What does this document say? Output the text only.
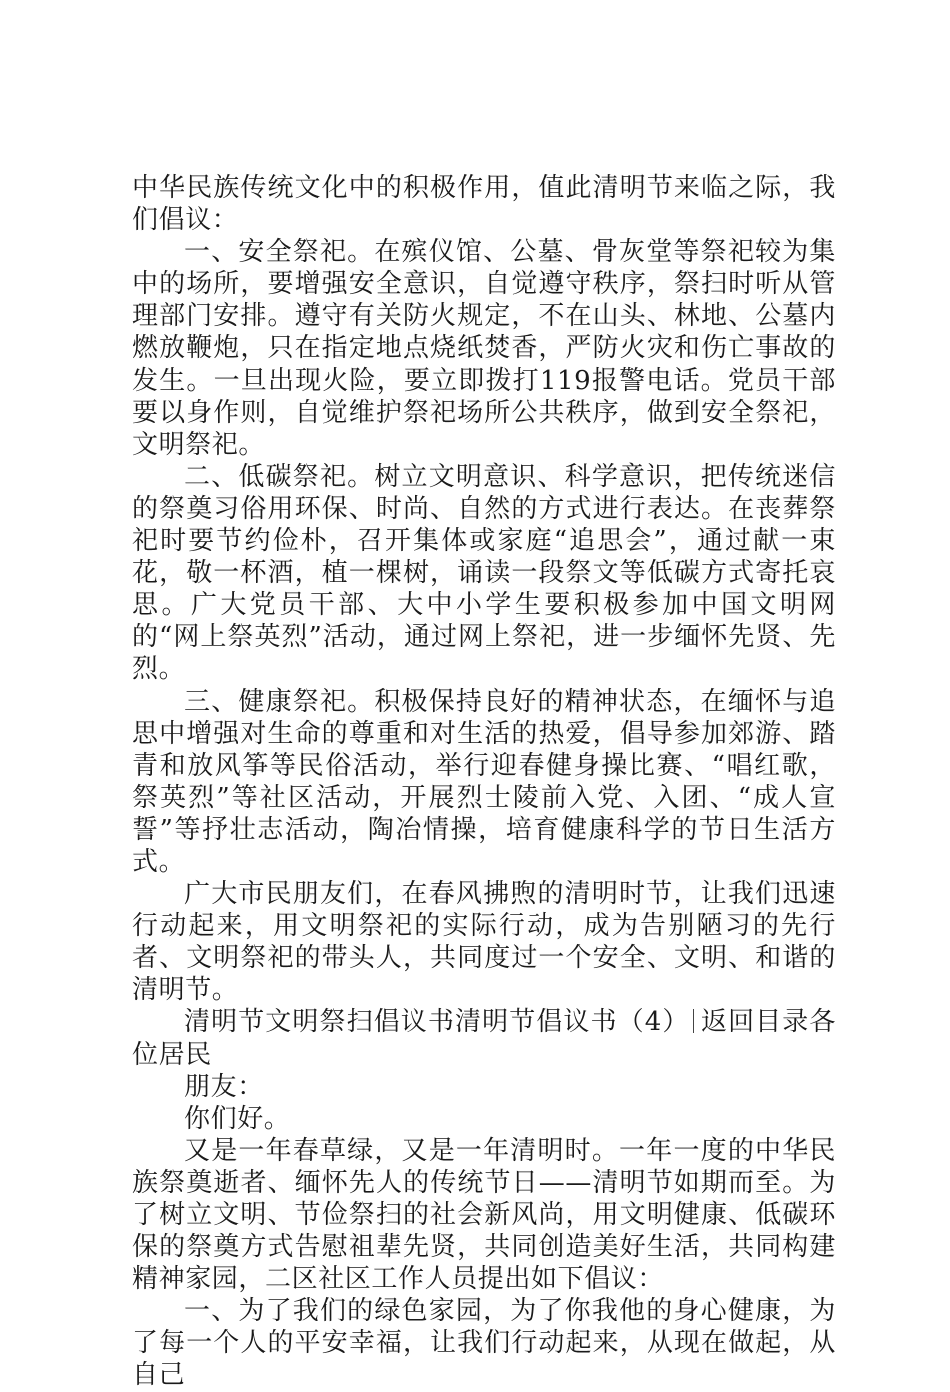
中华民族传统文化中的积极作用，值此清明节来临之际，我们倡议：

一、安全祭祀。在殡仪馆、公墓、骨灰堂等祭祀较为集中的场所，要增强安全意识，自觉遵守秩序，祭扫时听从管理部门安排。遵守有关防火规定，不在山头、林地、公墓内燃放鞭炮，只在指定地点烧纸焚香，严防火灾和伤亡事故的发生。一旦出现火险，要立即拨打119报警电话。党员干部要以身作则，自觉维护祭祀场所公共秩序，做到安全祭祀，文明祭祀。

二、低碳祭祀。树立文明意识、科学意识，把传统迷信的祭奠习俗用环保、时尚、自然的方式进行表达。在丧葬祭祀时要节约俭朴，召开集体或家庭“追思会”，通过献一束花，敬一杯酒，植一棵树，诵读一段祭文等低碳方式寄托哀思。广大党员干部、大中小学生要积极参加中国文明网的“网上祭英烈”活动，通过网上祭祀，进一步缅怀先贤、先烈。

三、健康祭祀。积极保持良好的精神状态，在缅怀与追思中增强对生命的尊重和对生活的热爱，倡导参加郊游、踏青和放风筝等民俗活动，举行迎春健身操比赛、“唱红歌，祭英烈”等社区活动，开展烈士陵前入党、入团、“成人宣誓”等抒壮志活动，陶冶情操，培育健康科学的节日生活方式。

广大市民朋友们，在春风拂煦的清明时节，让我们迅速行动起来，用文明祭祀的实际行动，成为告别陋习的先行者、文明祭祀的带头人，共同度过一个安全、文明、和谐的清明节。

清明节文明祭扫倡议书清明节倡议书（4） 返回目录各位居民

朋友：

你们好。

又是一年春草绿，又是一年清明时。一年一度的中华民族祭奠逝者、缅怀先人的传统节日——清明节如期而至。为了树立文明、节俭祭扫的社会新风尚，用文明健康、低碳环保的祭奠方式告慰祖辈先贤，共同创造美好生活，共同构建精神家园，二区社区工作人员提出如下倡议：

一、为了我们的绿色家园，为了你我他的身心健康，为了每一个人的平安幸福，让我们行动起来，从现在做起，从自己
